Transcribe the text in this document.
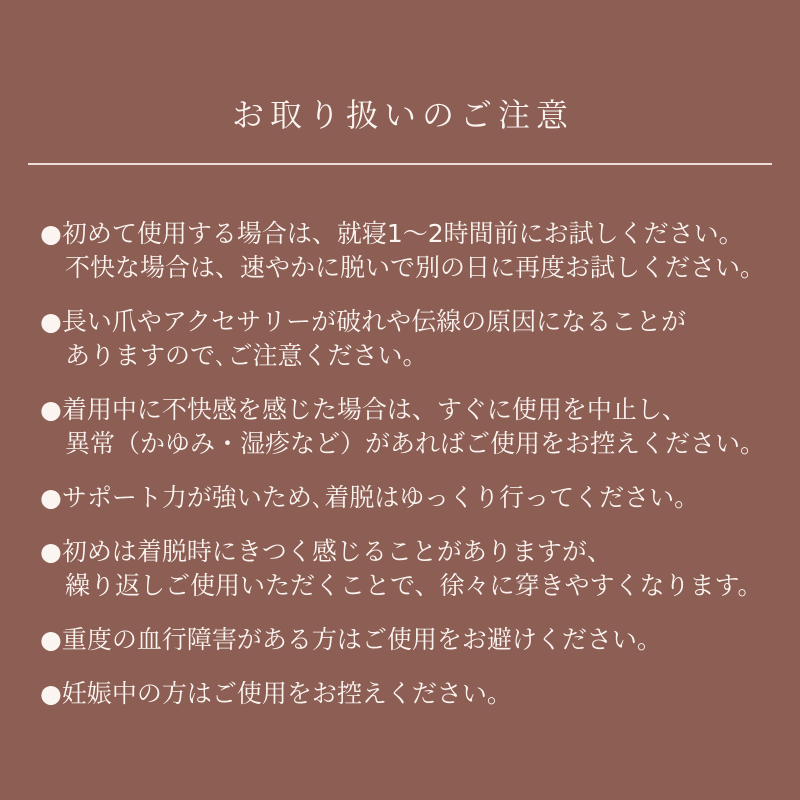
お取り扱いのご注意
●初めて使用する場合は、就寝1～2時間前にお試しください。
不快な場合は、速やかに脱いで別の日に再度お試しください。
●長い爪やアクセサリーが破れや伝線の原因になることが
ありますので､ご注意ください。
●着用中に不快感を感じた場合は、すぐに使用を中止し、
異常（かゆみ・湿疹など）があればご使用をお控えください。
●サポート力が強いため､着脱はゆっくり行ってください。
●初めは着脱時にきつく感じることがありますが、
繰り返しご使用いただくことで、徐々に穿きやすくなります。
●重度の血行障害がある方はご使用をお避けください。
●妊娠中の方はご使用をお控えください。
